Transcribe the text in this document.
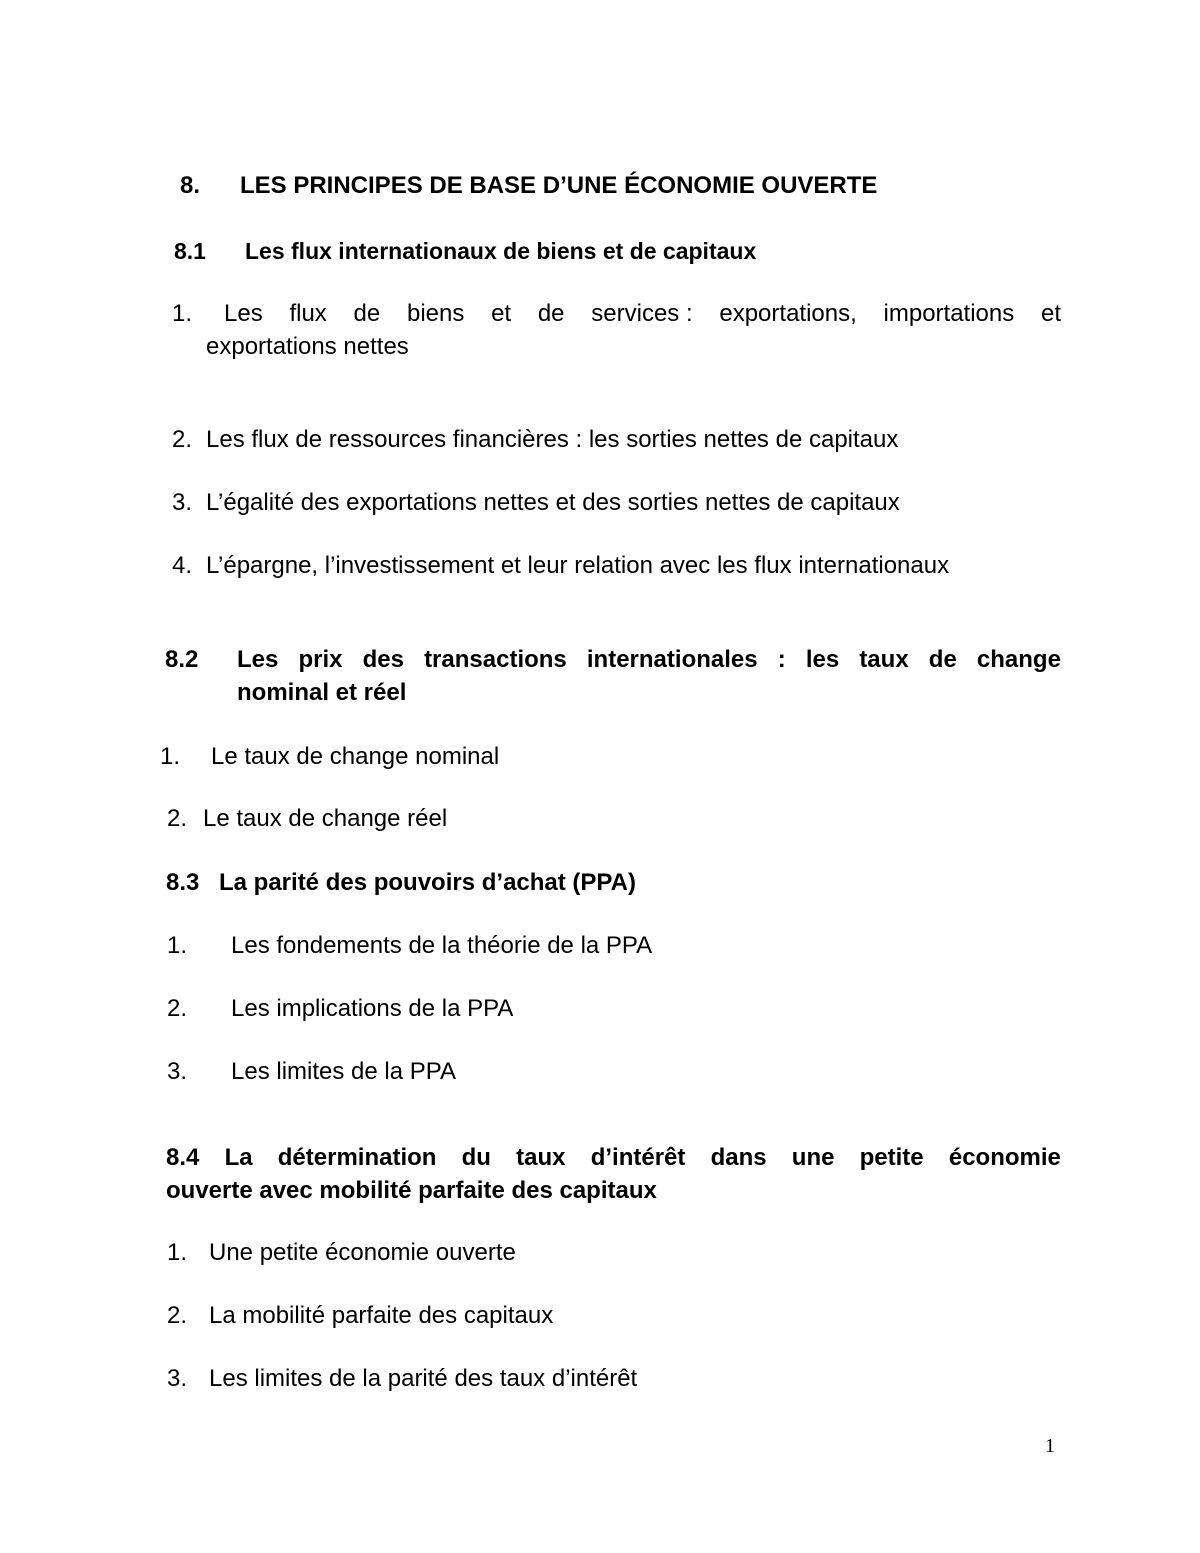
8. LES PRINCIPES DE BASE D’UNE ÉCONOMIE OUVERTE
8.1 Les flux internationaux de biens et de capitaux
1. Les flux de biens et de services : exportations, importations et
exportations nettes
2. Les flux de ressources financières : les sorties nettes de capitaux
3. L’égalité des exportations nettes et des sorties nettes de capitaux
4. L’épargne, l’investissement et leur relation avec les flux internationaux
8.2 Les prix des transactions internationales : les taux de change
nominal et réel
1. Le taux de change nominal
2. Le taux de change réel
8.3 La parité des pouvoirs d’achat (PPA)
1. Les fondements de la théorie de la PPA
2. Les implications de la PPA
3. Les limites de la PPA
8.4 La détermination du taux d’intérêt dans une petite économie
ouverte avec mobilité parfaite des capitaux
1. Une petite économie ouverte
2. La mobilité parfaite des capitaux
3. Les limites de la parité des taux d’intérêt
1
